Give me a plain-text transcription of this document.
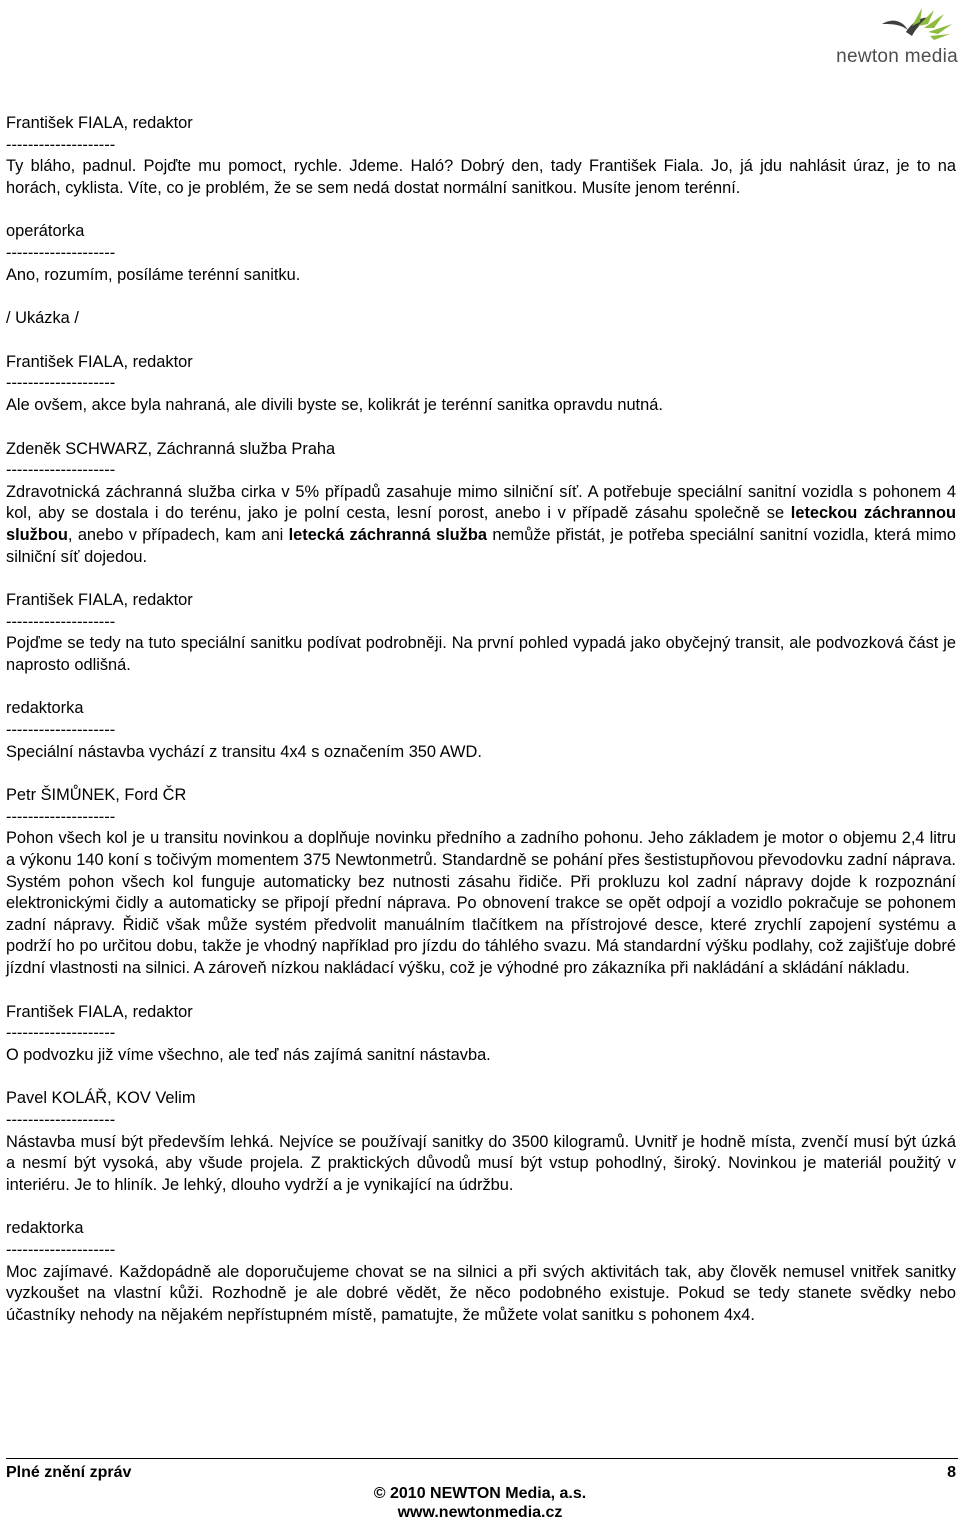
newton media
František FIALA, redaktor
--------------------
Ty bláho, padnul. Pojďte mu pomoct, rychle. Jdeme. Haló? Dobrý den, tady František Fiala. Jo, já jdu nahlásit úraz, je to na horách, cyklista. Víte, co je problém, že se sem nedá dostat normální sanitkou. Musíte jenom terénní.
operátorka
--------------------
Ano, rozumím, posíláme terénní sanitku.
/ Ukázka /
František FIALA, redaktor
--------------------
Ale ovšem, akce byla nahraná, ale divili byste se, kolikrát je terénní sanitka opravdu nutná.
Zdeněk SCHWARZ, Záchranná služba Praha
--------------------
Zdravotnická záchranná služba cirka v 5% případů zasahuje mimo silniční síť. A potřebuje speciální sanitní vozidla s pohonem 4 kol, aby se dostala i do terénu, jako je polní cesta, lesní porost, anebo i v případě zásahu společně se leteckou záchrannou službou, anebo v případech, kam ani letecká záchranná služba nemůže přistát, je potřeba speciální sanitní vozidla, která mimo silniční síť dojedou.
František FIALA, redaktor
--------------------
Pojďme se tedy na tuto speciální sanitku podívat podrobněji. Na první pohled vypadá jako obyčejný transit, ale podvozková část je naprosto odlišná.
redaktorka
--------------------
Speciální nástavba vychází z transitu 4x4 s označením 350 AWD.
Petr ŠIMŮNEK, Ford ČR
--------------------
Pohon všech kol je u transitu novinkou a doplňuje novinku předního a zadního pohonu. Jeho základem je motor o objemu 2,4 litru a výkonu 140 koní s točivým momentem 375 Newtonmetrů. Standardně se pohání přes šestistupňovou převodovku zadní náprava. Systém pohon všech kol funguje automaticky bez nutnosti zásahu řidiče. Při prokluzu kol zadní nápravy dojde k rozpoznání elektronickými čidly a automaticky se připojí přední náprava. Po obnovení trakce se opět odpojí a vozidlo pokračuje se pohonem zadní nápravy. Řidič však může systém předvolit manuálním tlačítkem na přístrojové desce, které zrychlí zapojení systému a podrží ho po určitou dobu, takže je vhodný například pro jízdu do táhlého svazu. Má standardní výšku podlahy, což zajišťuje dobré jízdní vlastnosti na silnici. A zároveň nízkou nakládací výšku, což je výhodné pro zákazníka při nakládání a skládání nákladu.
František FIALA, redaktor
--------------------
O podvozku již víme všechno, ale teď nás zajímá sanitní nástavba.
Pavel KOLÁŘ, KOV Velim
--------------------
Nástavba musí být především lehká. Nejvíce se používají sanitky do 3500 kilogramů. Uvnitř je hodně místa, zvenčí musí být úzká a nesmí být vysoká, aby všude projela. Z praktických důvodů musí být vstup pohodlný, široký. Novinkou je materiál použitý v interiéru. Je to hliník. Je lehký, dlouho vydrží a je vynikající na údržbu.
redaktorka
--------------------
Moc zajímavé. Každopádně ale doporučujeme chovat se na silnici a při svých aktivitách tak, aby člověk nemusel vnitřek sanitky vyzkoušet na vlastní kůži. Rozhodně je ale dobré vědět, že něco podobného existuje. Pokud se tedy stanete svědky nebo účastníky nehody na nějakém nepřístupném místě, pamatujte, že můžete volat sanitku s pohonem 4x4.
Plné znění zpráv	8
© 2010 NEWTON Media, a.s.
www.newtonmedia.cz
